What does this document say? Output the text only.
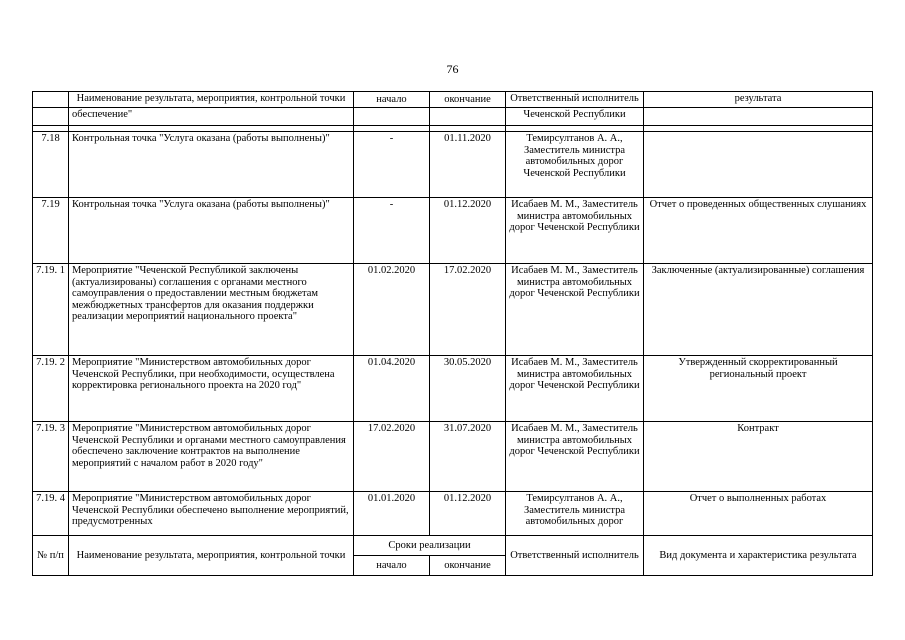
76

	Наименование результата, мероприятия, контрольной точки	начало	окончание	Ответственный исполнитель	результата
	обеспечение"			Чеченской Республики	

7.18	Контрольная точка "Услуга оказана (работы выполнены)"	-	01.11.2020	Темирсултанов А. А., Заместитель министра автомобильных дорог Чеченской Республики	
7.19	Контрольная точка "Услуга оказана (работы выполнены)"	-	01.12.2020	Исабаев М. М., Заместитель министра автомобильных дорог Чеченской Республики	Отчет о проведенных общественных слушаниях
7.19. 1	Мероприятие "Чеченской Республикой заключены (актуализированы) соглашения с органами местного самоуправления о предоставлении местным бюджетам межбюджетных трансфертов для оказания поддержки реализации мероприятий национального проекта"	01.02.2020	17.02.2020	Исабаев М. М., Заместитель министра автомобильных дорог Чеченской Республики	Заключенные (актуализированные) соглашения
7.19. 2	Мероприятие "Министерством автомобильных дорог Чеченской Республики, при необходимости, осуществлена корректировка регионального проекта на 2020 год"	01.04.2020	30.05.2020	Исабаев М. М., Заместитель министра автомобильных дорог Чеченской Республики	Утвержденный скорректированный региональный проект
7.19. 3	Мероприятие "Министерством автомобильных дорог Чеченской Республики и органами местного самоуправления обеспечено заключение контрактов на выполнение мероприятий с началом работ в 2020 году"	17.02.2020	31.07.2020	Исабаев М. М., Заместитель министра автомобильных дорог Чеченской Республики	Контракт
7.19. 4	Мероприятие "Министерством автомобильных дорог Чеченской Республики обеспечено выполнение мероприятий, предусмотренных	01.01.2020	01.12.2020	Темирсултанов А. А., Заместитель министра автомобильных дорог	Отчет о выполненных работах
№ п/п	Наименование результата, мероприятия, контрольной точки	Сроки реализации		Ответственный исполнитель	Вид документа и характеристика результата
		начало	окончание		
